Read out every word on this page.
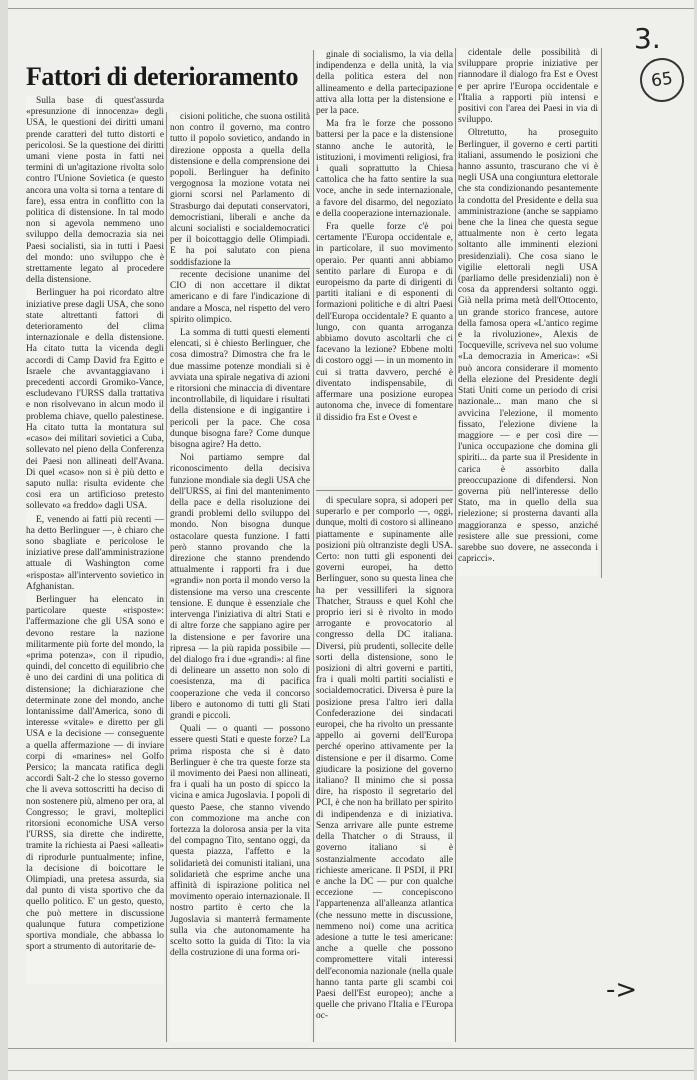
3.
65
Fattori di deterioramento

Sulla base di quest'assurda «presunzione di innocenza» degli USA, le questioni dei diritti umani prende caratteri del tutto distorti e pericolosi. Se la questione dei diritti umani viene posta in fatti nei termini di un'agitazione rivolta solo contro l'Unione Sovietica (e questo ancora una volta si torna a tentare di fare), essa entra in conflitto con la politica di distensione. In tal modo non si agevola nemmeno uno sviluppo della democrazia sia nei Paesi socialisti, sia in tutti i Paesi del mondo: uno sviluppo che è strettamente legato al procedere della distensione.

Berlinguer ha poi ricordato altre iniziative prese dagli USA, che sono state altrettanti fattori di deterioramento del clima internazionale e della distensione. Ha citato tutta la vicenda degli accordi di Camp David fra Egitto e Israele che avvantaggiavano i precedenti accordi Gromiko-Vance, escludevano l'URSS dalla trattativa e non risolvevano in alcun modo il problema chiave, quello palestinese. Ha citato tutta la montatura sul «caso» dei militari sovietici a Cuba, sollevato nel pieno della Conferenza dei Paesi non allineati dell'Avana. Di quel «caso» non si è più detto e saputo nulla: risulta evidente che così era un artificioso pretesto sollevato «a freddo» dagli USA.

E, venendo ai fatti più recenti — ha detto Berlinguer —, è chiaro che sono sbagliate e pericolose le iniziative prese dall'amministrazione attuale di Washington come «risposta» all'intervento sovietico in Afghanistan.

Berlinguer ha elencato in particolare queste «risposte»: l'affermazione che gli USA sono e devono restare la nazione militarmente più forte del mondo, la «prima potenza», con il ripudio, quindi, del concetto di equilibrio che è uno dei cardini di una politica di distensione; la dichiarazione che determinate zone del mondo, anche lontanissime dall'America, sono di interesse «vitale» e diretto per gli USA e la decisione — conseguente a quella affermazione — di inviare corpi di «marines» nel Golfo Persico; la mancata ratifica degli accordi Salt-2 che lo stesso governo che li aveva sottoscritti ha deciso di non sostenere più, almeno per ora, al Congresso; le gravi, molteplici ritorsioni economiche USA verso l'URSS, sia dirette che indirette, tramite la richiesta ai Paesi «alleati» di riprodurle puntualmente; infine, la decisione di boicottare le Olimpiadi, una pretesa assurda, sia dal punto di vista sportivo che da quello politico. E' un gesto, questo, che può mettere in discussione qualunque futura competizione sportiva mondiale, che abbassa lo sport a strumento di autoritarie de-

cisioni politiche, che suona ostilità non contro il governo, ma contro tutto il popolo sovietico, andando in direzione opposta a quella della distensione e della comprensione dei popoli. Berlinguer ha definito vergognosa la mozione votata nei giorni scorsi nel Parlamento di Strasburgo dai deputati conservatori, democristiani, liberali e anche da alcuni socialisti e socialdemocratici per il boicottaggio delle Olimpiadi. E ha poi salutato con piena soddisfazione la

recente decisione unanime del CIO di non accettare il diktat americano e di fare l'indicazione di andare a Mosca, nel rispetto del vero spirito olimpico.

La somma di tutti questi elementi elencati, si è chiesto Berlinguer, che cosa dimostra? Dimostra che fra le due massime potenze mondiali si è avviata una spirale negativa di azioni e ritorsioni che minaccia di diventare incontrollabile, di liquidare i risultati della distensione e di ingigantire i pericoli per la pace. Che cosa dunque bisogna fare? Come dunque bisogna agire? Ha detto.

Noi partiamo sempre dal riconoscimento della decisiva funzione mondiale sia degli USA che dell'URSS, ai fini del mantenimento della pace e della risoluzione dei grandi problemi dello sviluppo del mondo. Non bisogna dunque ostacolare questa funzione. I fatti però stanno provando che la direzione che stanno prendendo attualmente i rapporti fra i due «grandi» non porta il mondo verso la distensione ma verso una crescente tensione. E dunque è essenziale che intervenga l'iniziativa di altri Stati e di altre forze che sappiano agire per la distensione e per favorire una ripresa — la più rapida possibile — del dialogo fra i due «grandi»: al fine di delineare un assetto non solo di coesistenza, ma di pacifica cooperazione che veda il concorso libero e autonomo di tutti gli Stati grandi e piccoli.

Quali — o quanti — possono essere questi Stati e queste forze? La prima risposta che si è dato Berlinguer è che tra queste forze sta il movimento dei Paesi non allineati, fra i quali ha un posto di spicco la vicina e amica Jugoslavia. I popoli di questo Paese, che stanno vivendo con commozione ma anche con fortezza la dolorosa ansia per la vita del compagno Tito, sentano oggi, da questa piazza, l'affetto e la solidarietà dei comunisti italiani, una solidarietà che esprime anche una affinità di ispirazione politica nel movimento operaio internazionale. Il nostro partito è certo che la Jugoslavia si manterrà fermamente sulla via che autonomamente ha scelto sotto la guida di Tito: la via della costruzione di una forma ori-

ginale di socialismo, la via della indipendenza e della unità, la via della politica estera del non allineamento e della partecipazione attiva alla lotta per la distensione e per la pace.

Ma fra le forze che possono battersi per la pace e la distensione stanno anche le autorità, le istituzioni, i movimenti religiosi, fra i quali soprattutto la Chiesa cattolica che ha fatto sentire la sua voce, anche in sede internazionale, a favore del disarmo, del negoziato e della cooperazione internazionale.

Fra quelle forze c'è poi certamente l'Europa occidentale e, in particolare, il suo movimento operaio. Per quanti anni abbiamo sentito parlare di Europa e di europeismo da parte di dirigenti di partiti italiani e di esponenti di formazioni politiche e di altri Paesi dell'Europa occidentale? E quanto a lungo, con quanta arroganza abbiamo dovuto ascoltarli che ci facevano la lezione? Ebbene molti di costoro oggi — in un momento in cui si tratta davvero, perché è diventato indispensabile, di affermare una posizione europea autonoma che, invece di fomentare il dissidio fra Est e Ovest e

di speculare sopra, si adoperi per superarlo e per comporlo —, oggi, dunque, molti di costoro si allineano piattamente e supinamente alle posizioni più oltranziste degli USA. Certo: non tutti gli esponenti dei governi europei, ha detto Berlinguer, sono su questa linea che ha per vessilliferi la signora Thatcher, Strauss e quel Kohl che proprio ieri si è rivolto in modo arrogante e provocatorio al congresso della DC italiana. Diversi, più prudenti, sollecite delle sorti della distensione, sono le posizioni di altri governi e partiti, fra i quali molti partiti socialisti e socialdemocratici. Diversa è pure la posizione presa l'altro ieri dalla Confederazione dei sindacati europei, che ha rivolto un pressante appello ai governi dell'Europa perché operino attivamente per la distensione e per il disarmo. Come giudicare la posizione del governo italiano? Il minimo che si possa dire, ha risposto il segretario del PCI, è che non ha brillato per spirito di indipendenza e di iniziativa. Senza arrivare alle punte estreme della Thatcher o di Strauss, il governo italiano si è sostanzialmente accodato alle richieste americane. Il PSDI, il PRI e anche la DC — pur con qualche eccezione — concepiscono l'appartenenza all'alleanza atlantica (che nessuno mette in discussione, nemmeno noi) come una acritica adesione a tutte le tesi americane: anche a quelle che possono compromettere vitali interessi dell'economia nazionale (nella quale hanno tanta parte gli scambi coi Paesi dell'Est europeo); anche a quelle che privano l'Italia e l'Europa oc-

cidentale delle possibilità di sviluppare proprie iniziative per riannodare il dialogo fra Est e Ovest e per aprire l'Europa occidentale e l'Italia a rapporti più intensi e positivi con l'area dei Paesi in via di sviluppo.

Oltretutto, ha proseguito Berlinguer, il governo e certi partiti italiani, assumendo le posizioni che hanno assunto, trascurano che vi è negli USA una congiuntura elettorale che sta condizionando pesantemente la condotta del Presidente e della sua amministrazione (anche se sappiamo bene che la linea che questa segue attualmente non è certo legata soltanto alle imminenti elezioni presidenziali). Che cosa siano le vigilie elettorali negli USA (parliamo delle presidenziali) non è cosa da apprendersi soltanto oggi. Già nella prima metà dell'Ottocento, un grande storico francese, autore della famosa opera «L'antico regime e la rivoluzione», Alexis de Tocqueville, scriveva nel suo volume «La democrazia in America»: «Si può ancora considerare il momento della elezione del Presidente degli Stati Uniti come un periodo di crisi nazionale... man mano che si avvicina l'elezione, il momento fissato, l'elezione diviene la maggiore — e per così dire — l'unica occupazione che domina gli spiriti... da parte sua il Presidente in carica è assorbito dalla preoccupazione di difendersi. Non governa più nell'interesse dello Stato, ma in quello della sua rielezione; si prosterna davanti alla maggioranza e spesso, anziché resistere alle sue pressioni, come sarebbe suo dovere, ne asseconda i capricci».

->
